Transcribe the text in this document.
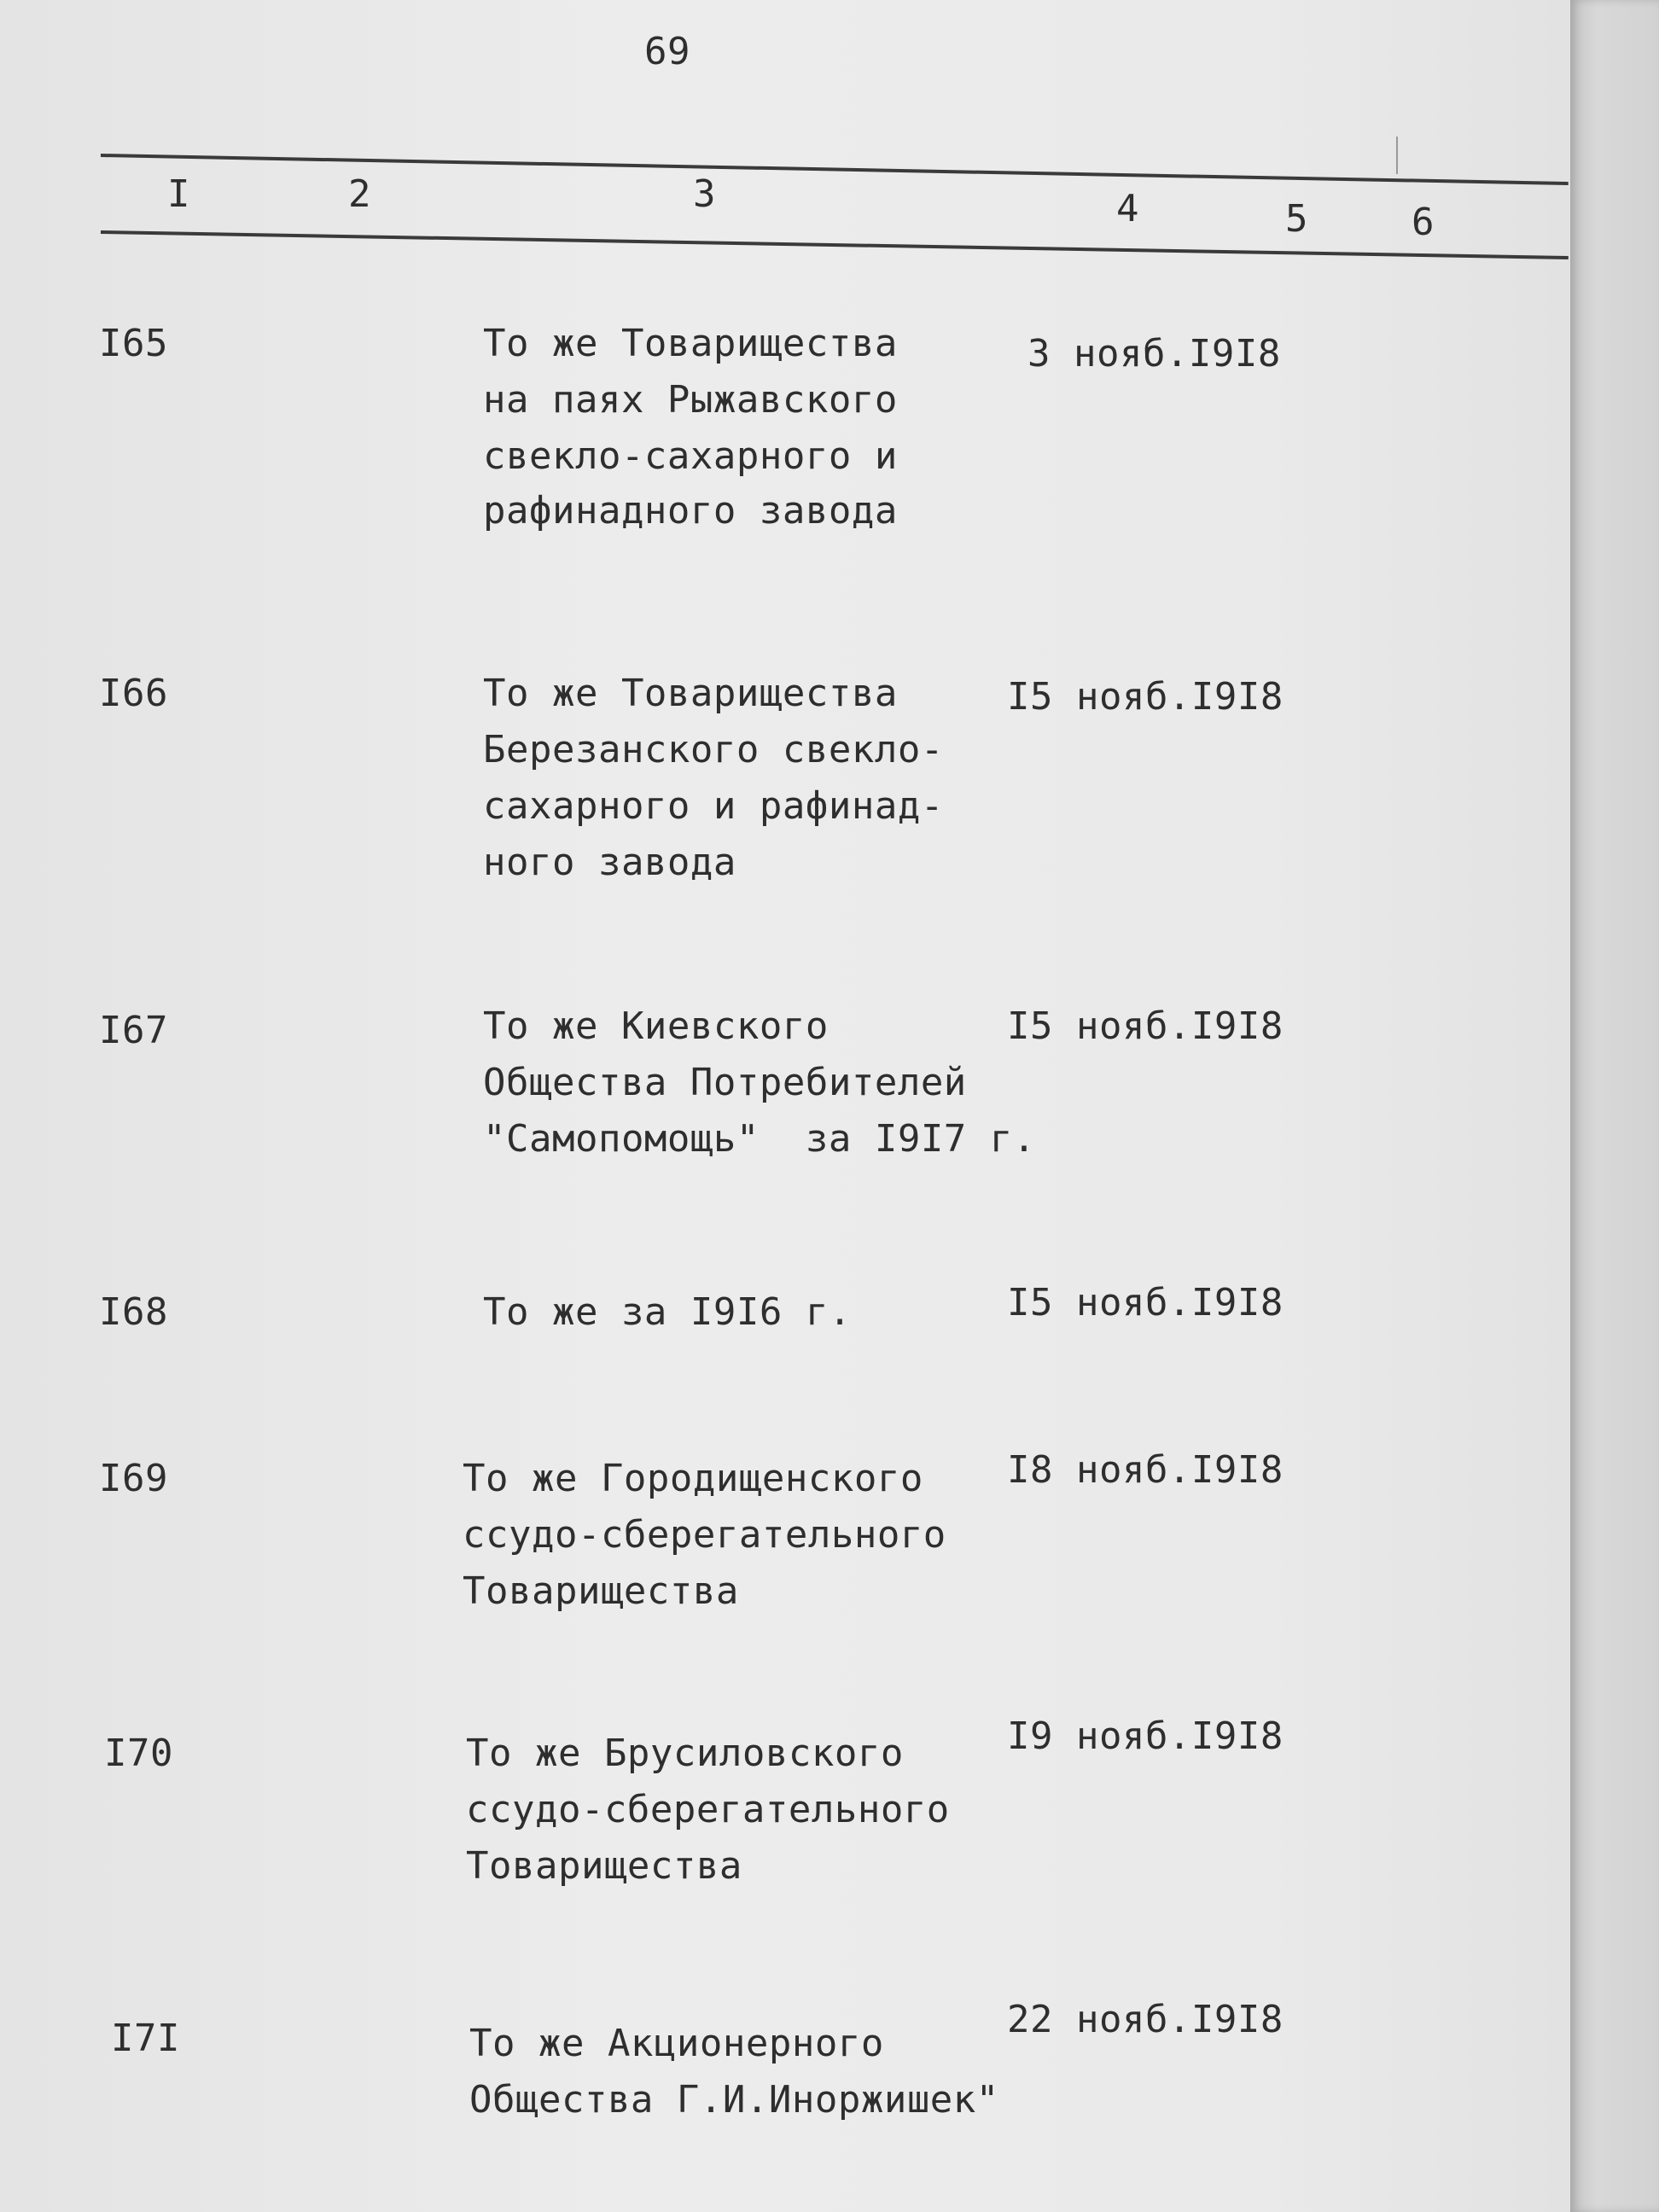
69
I	2	3	4	5	6
I65	То же Товарищества
на паях Рыжавского
свекло-сахарного и
рафинадного завода
3 нояб.I9I8
I66	То же Товарищества
Березанского свекло-
сахарного и рафинад-
ного завода
I5 нояб.I9I8
I67	То же Киевского
Общества Потребителей
"Самопомощь"  за I9I7 г.
I5 нояб.I9I8
I68	То же за I9I6 г.	I5 нояб.I9I8
I69	То же Городищенского
ссудо-сберегательного
Товарищества
I8 нояб.I9I8
I70	То же Брусиловского
ссудо-сберегательного
Товарищества
I9 нояб.I9I8
I7I	То же Акционерного
Общества Г.И.Иноржишек"
22 нояб.I9I8
